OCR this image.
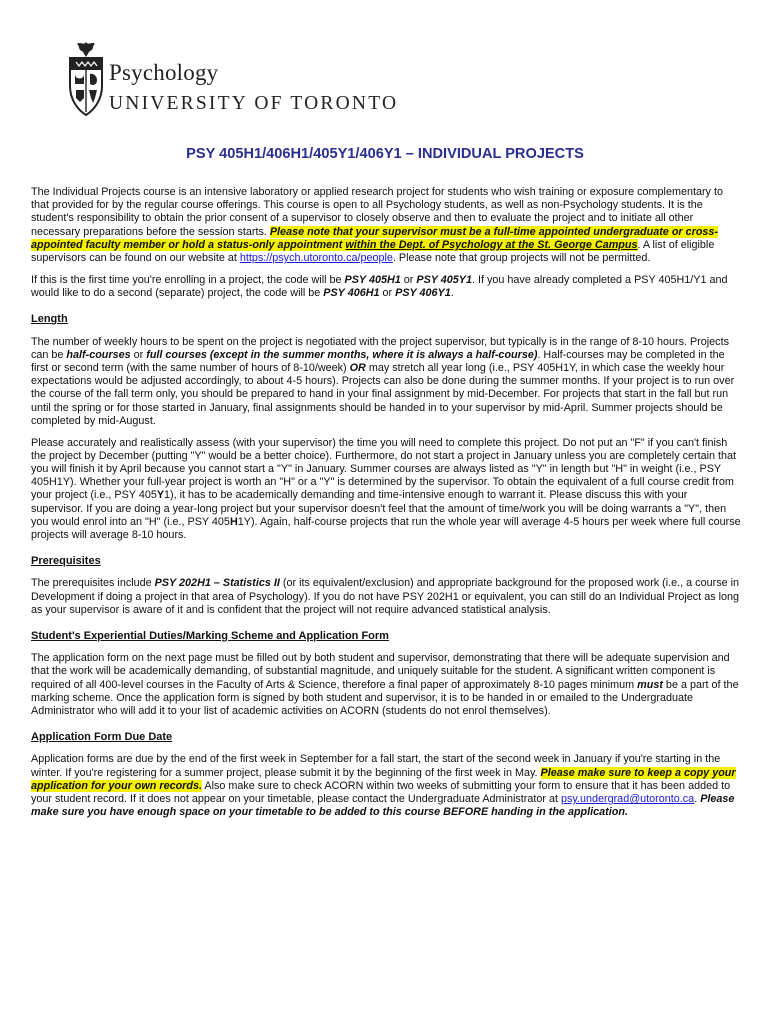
Psychology
UNIVERSITY OF TORONTO
PSY 405H1/406H1/405Y1/406Y1 – INDIVIDUAL PROJECTS

The Individual Projects course is an intensive laboratory or applied research project for students who wish training or exposure complementary to that provided for by the regular course offerings. This course is open to all Psychology students, as well as non-Psychology students. It is the student's responsibility to obtain the prior consent of a supervisor to closely observe and then to evaluate the project and to initiate all other necessary preparations before the session starts. Please note that your supervisor must be a full-time appointed undergraduate or cross-appointed faculty member or hold a status-only appointment within the Dept. of Psychology at the St. George Campus. A list of eligible supervisors can be found on our website at https://psych.utoronto.ca/people. Please note that group projects will not be permitted.

If this is the first time you're enrolling in a project, the code will be PSY 405H1 or PSY 405Y1. If you have already completed a PSY 405H1/Y1 and would like to do a second (separate) project, the code will be PSY 406H1 or PSY 406Y1.

Length

The number of weekly hours to be spent on the project is negotiated with the project supervisor, but typically is in the range of 8-10 hours. Projects can be half-courses or full courses (except in the summer months, where it is always a half-course). Half-courses may be completed in the first or second term (with the same number of hours of 8-10/week) OR may stretch all year long (i.e., PSY 405H1Y, in which case the weekly hour expectations would be adjusted accordingly, to about 4-5 hours). Projects can also be done during the summer months. If your project is to run over the course of the fall term only, you should be prepared to hand in your final assignment by mid-December. For projects that start in the fall but run until the spring or for those started in January, final assignments should be handed in to your supervisor by mid-April. Summer projects should be completed by mid-August.

Please accurately and realistically assess (with your supervisor) the time you will need to complete this project. Do not put an "F" if you can't finish the project by December (putting "Y" would be a better choice). Furthermore, do not start a project in January unless you are completely certain that you will finish it by April because you cannot start a "Y" in January. Summer courses are always listed as "Y" in length but "H" in weight (i.e., PSY 405H1Y). Whether your full-year project is worth an "H" or a "Y" is determined by the supervisor. To obtain the equivalent of a full course credit from your project (i.e., PSY 405Y1), it has to be academically demanding and time-intensive enough to warrant it. Please discuss this with your supervisor. If you are doing a year-long project but your supervisor doesn't feel that the amount of time/work you will be doing warrants a "Y", then you would enrol into an "H" (i.e., PSY 405H1Y). Again, half-course projects that run the whole year will average 4-5 hours per week where full course projects will average 8-10 hours.

Prerequisites

The prerequisites include PSY 202H1 – Statistics II (or its equivalent/exclusion) and appropriate background for the proposed work (i.e., a course in Development if doing a project in that area of Psychology). If you do not have PSY 202H1 or equivalent, you can still do an Individual Project as long as your supervisor is aware of it and is confident that the project will not require advanced statistical analysis.

Student's Experiential Duties/Marking Scheme and Application Form

The application form on the next page must be filled out by both student and supervisor, demonstrating that there will be adequate supervision and that the work will be academically demanding, of substantial magnitude, and uniquely suitable for the student. A significant written component is required of all 400-level courses in the Faculty of Arts & Science, therefore a final paper of approximately 8-10 pages minimum must be a part of the marking scheme. Once the application form is signed by both student and supervisor, it is to be handed in or emailed to the Undergraduate Administrator who will add it to your list of academic activities on ACORN (students do not enrol themselves).

Application Form Due Date

Application forms are due by the end of the first week in September for a fall start, the start of the second week in January if you're starting in the winter. If you're registering for a summer project, please submit it by the beginning of the first week in May. Please make sure to keep a copy your application for your own records. Also make sure to check ACORN within two weeks of submitting your form to ensure that it has been added to your student record. If it does not appear on your timetable, please contact the Undergraduate Administrator at psy.undergrad@utoronto.ca. Please make sure you have enough space on your timetable to be added to this course BEFORE handing in the application.
